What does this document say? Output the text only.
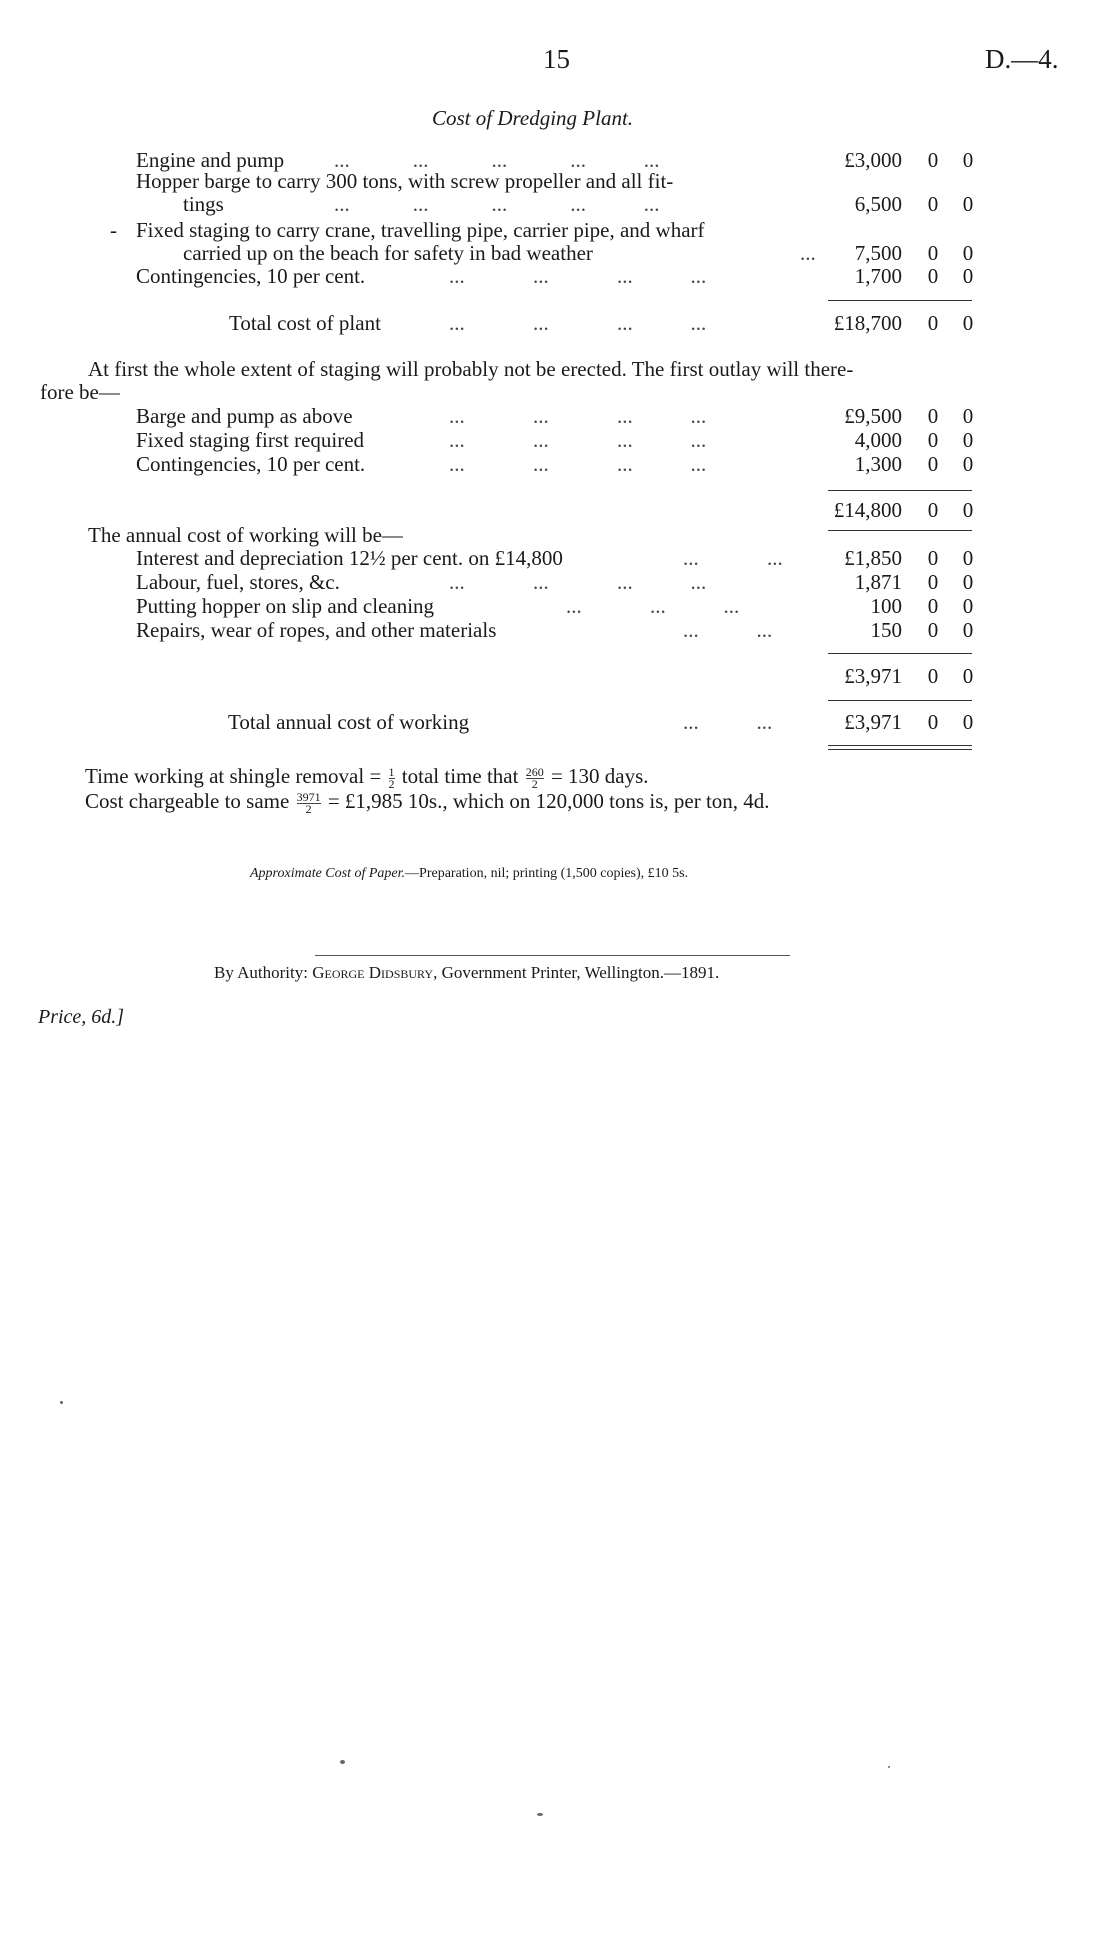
15	D.—4.
Cost of Dredging Plant.
Engine and pump ...            ...            ...            ...           ...	£3,000 0 0
Hopper barge to carry 300 tons, with screw propeller and all fit-
tings	...            ...            ...            ...           ...	6,500 0 0
- Fixed staging to carry crane, travelling pipe, carrier pipe, and wharf
carried up on the beach for safety in bad weather	... 7,500 0 0
Contingencies, 10 per cent.	...             ...             ...           ...	1,700 0 0
Total cost of plant	...             ...             ...           ...	£18,700 0 0
At first the whole extent of staging will probably not be erected. The first outlay will there-
fore be—
Barge and pump as above	...             ...             ...           ...	£9,500 0 0
Fixed staging first required	...             ...             ...           ...	4,000 0 0
Contingencies, 10 per cent.	...             ...             ...           ...	1,300 0 0
£14,800 0 0
The annual cost of working will be—
Interest and depreciation 12½ per cent. on £14,800	...             ...	£1,850 0 0
Labour, fuel, stores, &c.	...             ...             ...           ...	1,871 0 0
Putting hopper on slip and cleaning	...             ...           ...	100 0 0
Repairs, wear of ropes, and other materials	...           ...	150 0 0
£3,971 0 0
Total annual cost of working	...           ...	£3,971 0 0
Time working at shingle removal = $\frac{1}{2}$ total time that $\frac{260}{2} = 130$ days.
Cost chargeable to same $\frac{3971}{2}$ = £1,985 10s., which on 120,000 tons is, per ton, 4d.
Approximate Cost of Paper.—Preparation, nil; printing (1,500 copies), £10 5s.
By Authority: George Didsbury, Government Printer, Wellington.—1891.
Price, 6d.]
